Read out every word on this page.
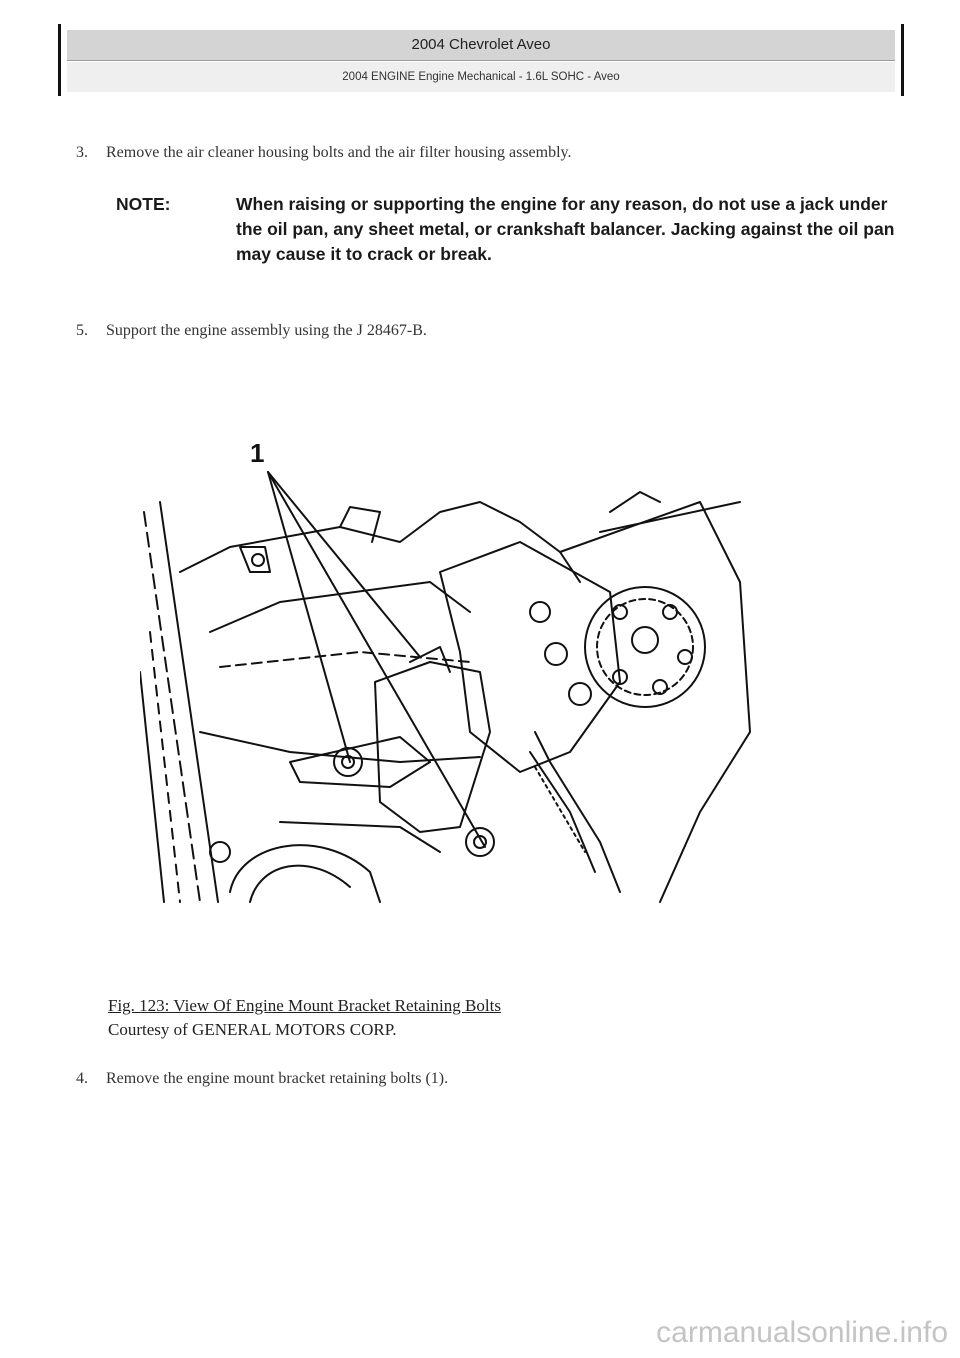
2004 Chevrolet Aveo
2004 ENGINE Engine Mechanical - 1.6L SOHC - Aveo
3. Remove the air cleaner housing bolts and the air filter housing assembly.
NOTE:	When raising or supporting the engine for any reason, do not use a jack under the oil pan, any sheet metal, or crankshaft balancer. Jacking against the oil pan may cause it to crack or break.
5. Support the engine assembly using the J 28467-B.
1
Fig. 123: View Of Engine Mount Bracket Retaining Bolts
Courtesy of GENERAL MOTORS CORP.
4. Remove the engine mount bracket retaining bolts (1).
carmanualsonline.info
